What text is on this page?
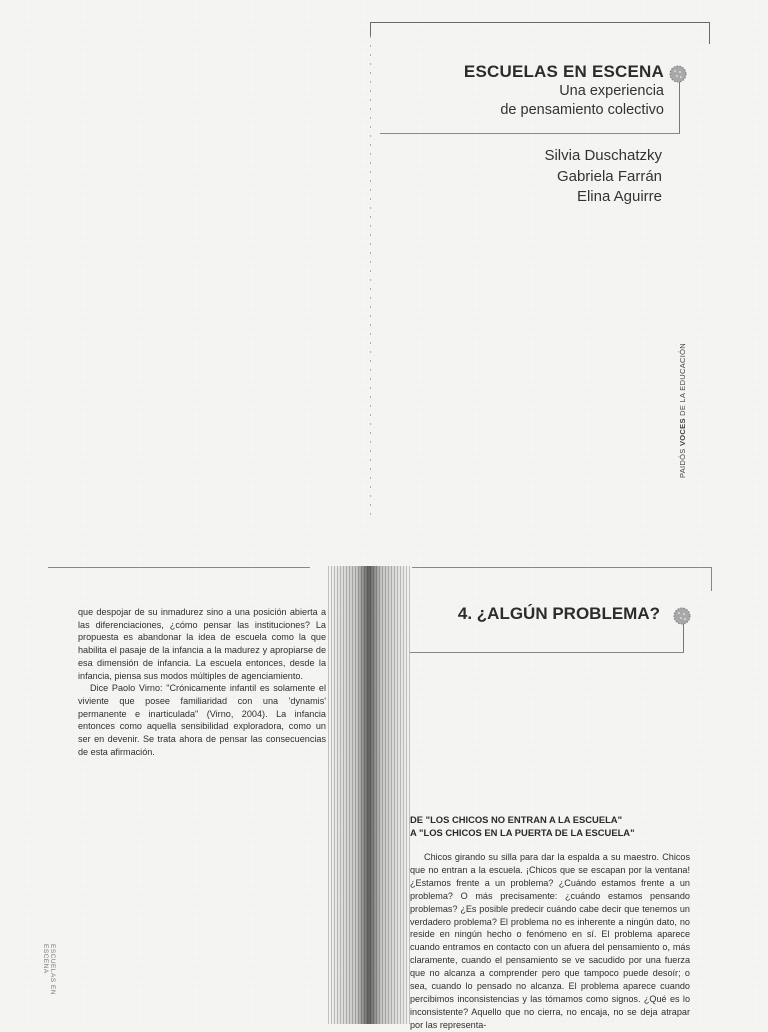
ESCUELAS EN ESCENA

Una experiencia

de pensamiento colectivo

Silvia Duschatzky
Gabriela Farrán
Elina Aguirre
PAIDÓS VOCES DE LA EDUCACIÓN

que despojar de su inmadurez sino a una posición abierta a las diferenciaciones, ¿cómo pensar las instituciones? La propuesta es abandonar la idea de escuela como la que habilita el pasaje de la infancia a la madurez y apropiarse de esa dimensión de infancia. La escuela entonces, desde la infancia, piensa sus modos múltiples de agenciamiento.

Dice Paolo Virno: "Crónicamente infantil es solamente el viviente que posee familiaridad con una 'dynamis' permanente e inarticulada" (Virno, 2004). La infancia entonces como aquella sensibilidad exploradora, como un ser en devenir. Se trata ahora de pensar las consecuencias de esta afirmación.

ESCUELAS EN ESCENA
4. ¿ALGÚN PROBLEMA?
DE "LOS CHICOS NO ENTRAN A LA ESCUELA"
A "LOS CHICOS EN LA PUERTA DE LA ESCUELA"

Chicos girando su silla para dar la espalda a su maestro. Chicos que no entran a la escuela. ¡Chicos que se escapan por la ventana! ¿Estamos frente a un problema? ¿Cuándo estamos frente a un problema? O más precisamente: ¿cuándo estamos pensando problemas? ¿Es posible predecir cuándo cabe decir que tenemos un verdadero problema? El problema no es inherente a ningún dato, no reside en ningún hecho o fenómeno en sí. El problema aparece cuando entramos en contacto con un afuera del pensamiento o, más claramente, cuando el pensamiento se ve sacudido por una fuerza que no alcanza a comprender pero que tampoco puede desoír; o sea, cuando lo pensado no alcanza. El problema aparece cuando percibimos inconsistencias y las tómamos como signos. ¿Qué es lo inconsistente? Aquello que no cierra, no encaja, no se deja atrapar por las representa-
